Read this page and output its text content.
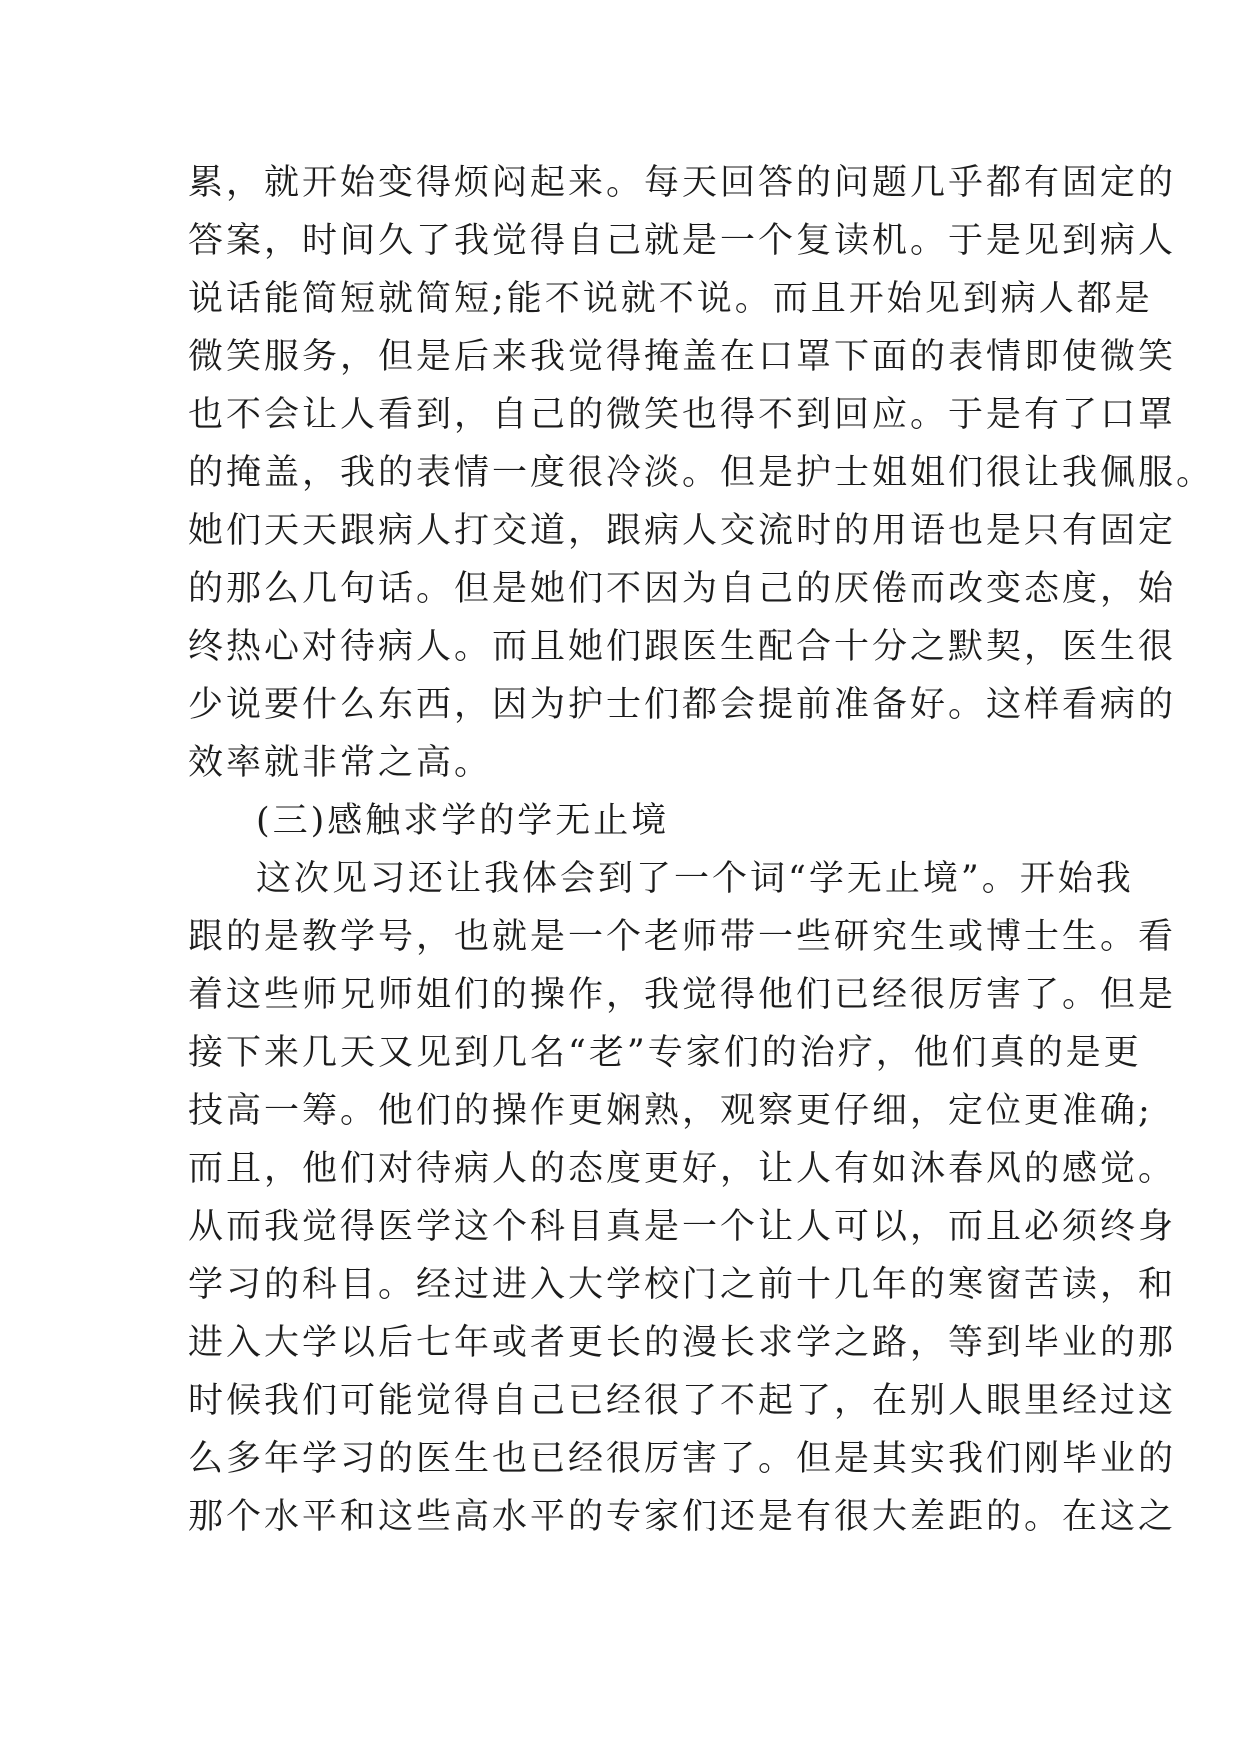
累，就开始变得烦闷起来。每天回答的问题几乎都有固定的
答案，时间久了我觉得自己就是一个复读机。于是见到病人
说话能简短就简短;能不说就不说。而且开始见到病人都是
微笑服务，但是后来我觉得掩盖在口罩下面的表情即使微笑
也不会让人看到，自己的微笑也得不到回应。于是有了口罩
的掩盖，我的表情一度很冷淡。但是护士姐姐们很让我佩服。
她们天天跟病人打交道，跟病人交流时的用语也是只有固定
的那么几句话。但是她们不因为自己的厌倦而改变态度，始
终热心对待病人。而且她们跟医生配合十分之默契，医生很
少说要什么东西，因为护士们都会提前准备好。这样看病的
效率就非常之高。
(三)感触求学的学无止境
这次见习还让我体会到了一个词“学无止境”。开始我
跟的是教学号，也就是一个老师带一些研究生或博士生。看
着这些师兄师姐们的操作，我觉得他们已经很厉害了。但是
接下来几天又见到几名“老”专家们的治疗，他们真的是更
技高一筹。他们的操作更娴熟，观察更仔细，定位更准确;
而且，他们对待病人的态度更好，让人有如沐春风的感觉。
从而我觉得医学这个科目真是一个让人可以，而且必须终身
学习的科目。经过进入大学校门之前十几年的寒窗苦读，和
进入大学以后七年或者更长的漫长求学之路，等到毕业的那
时候我们可能觉得自己已经很了不起了，在别人眼里经过这
么多年学习的医生也已经很厉害了。但是其实我们刚毕业的
那个水平和这些高水平的专家们还是有很大差距的。在这之
